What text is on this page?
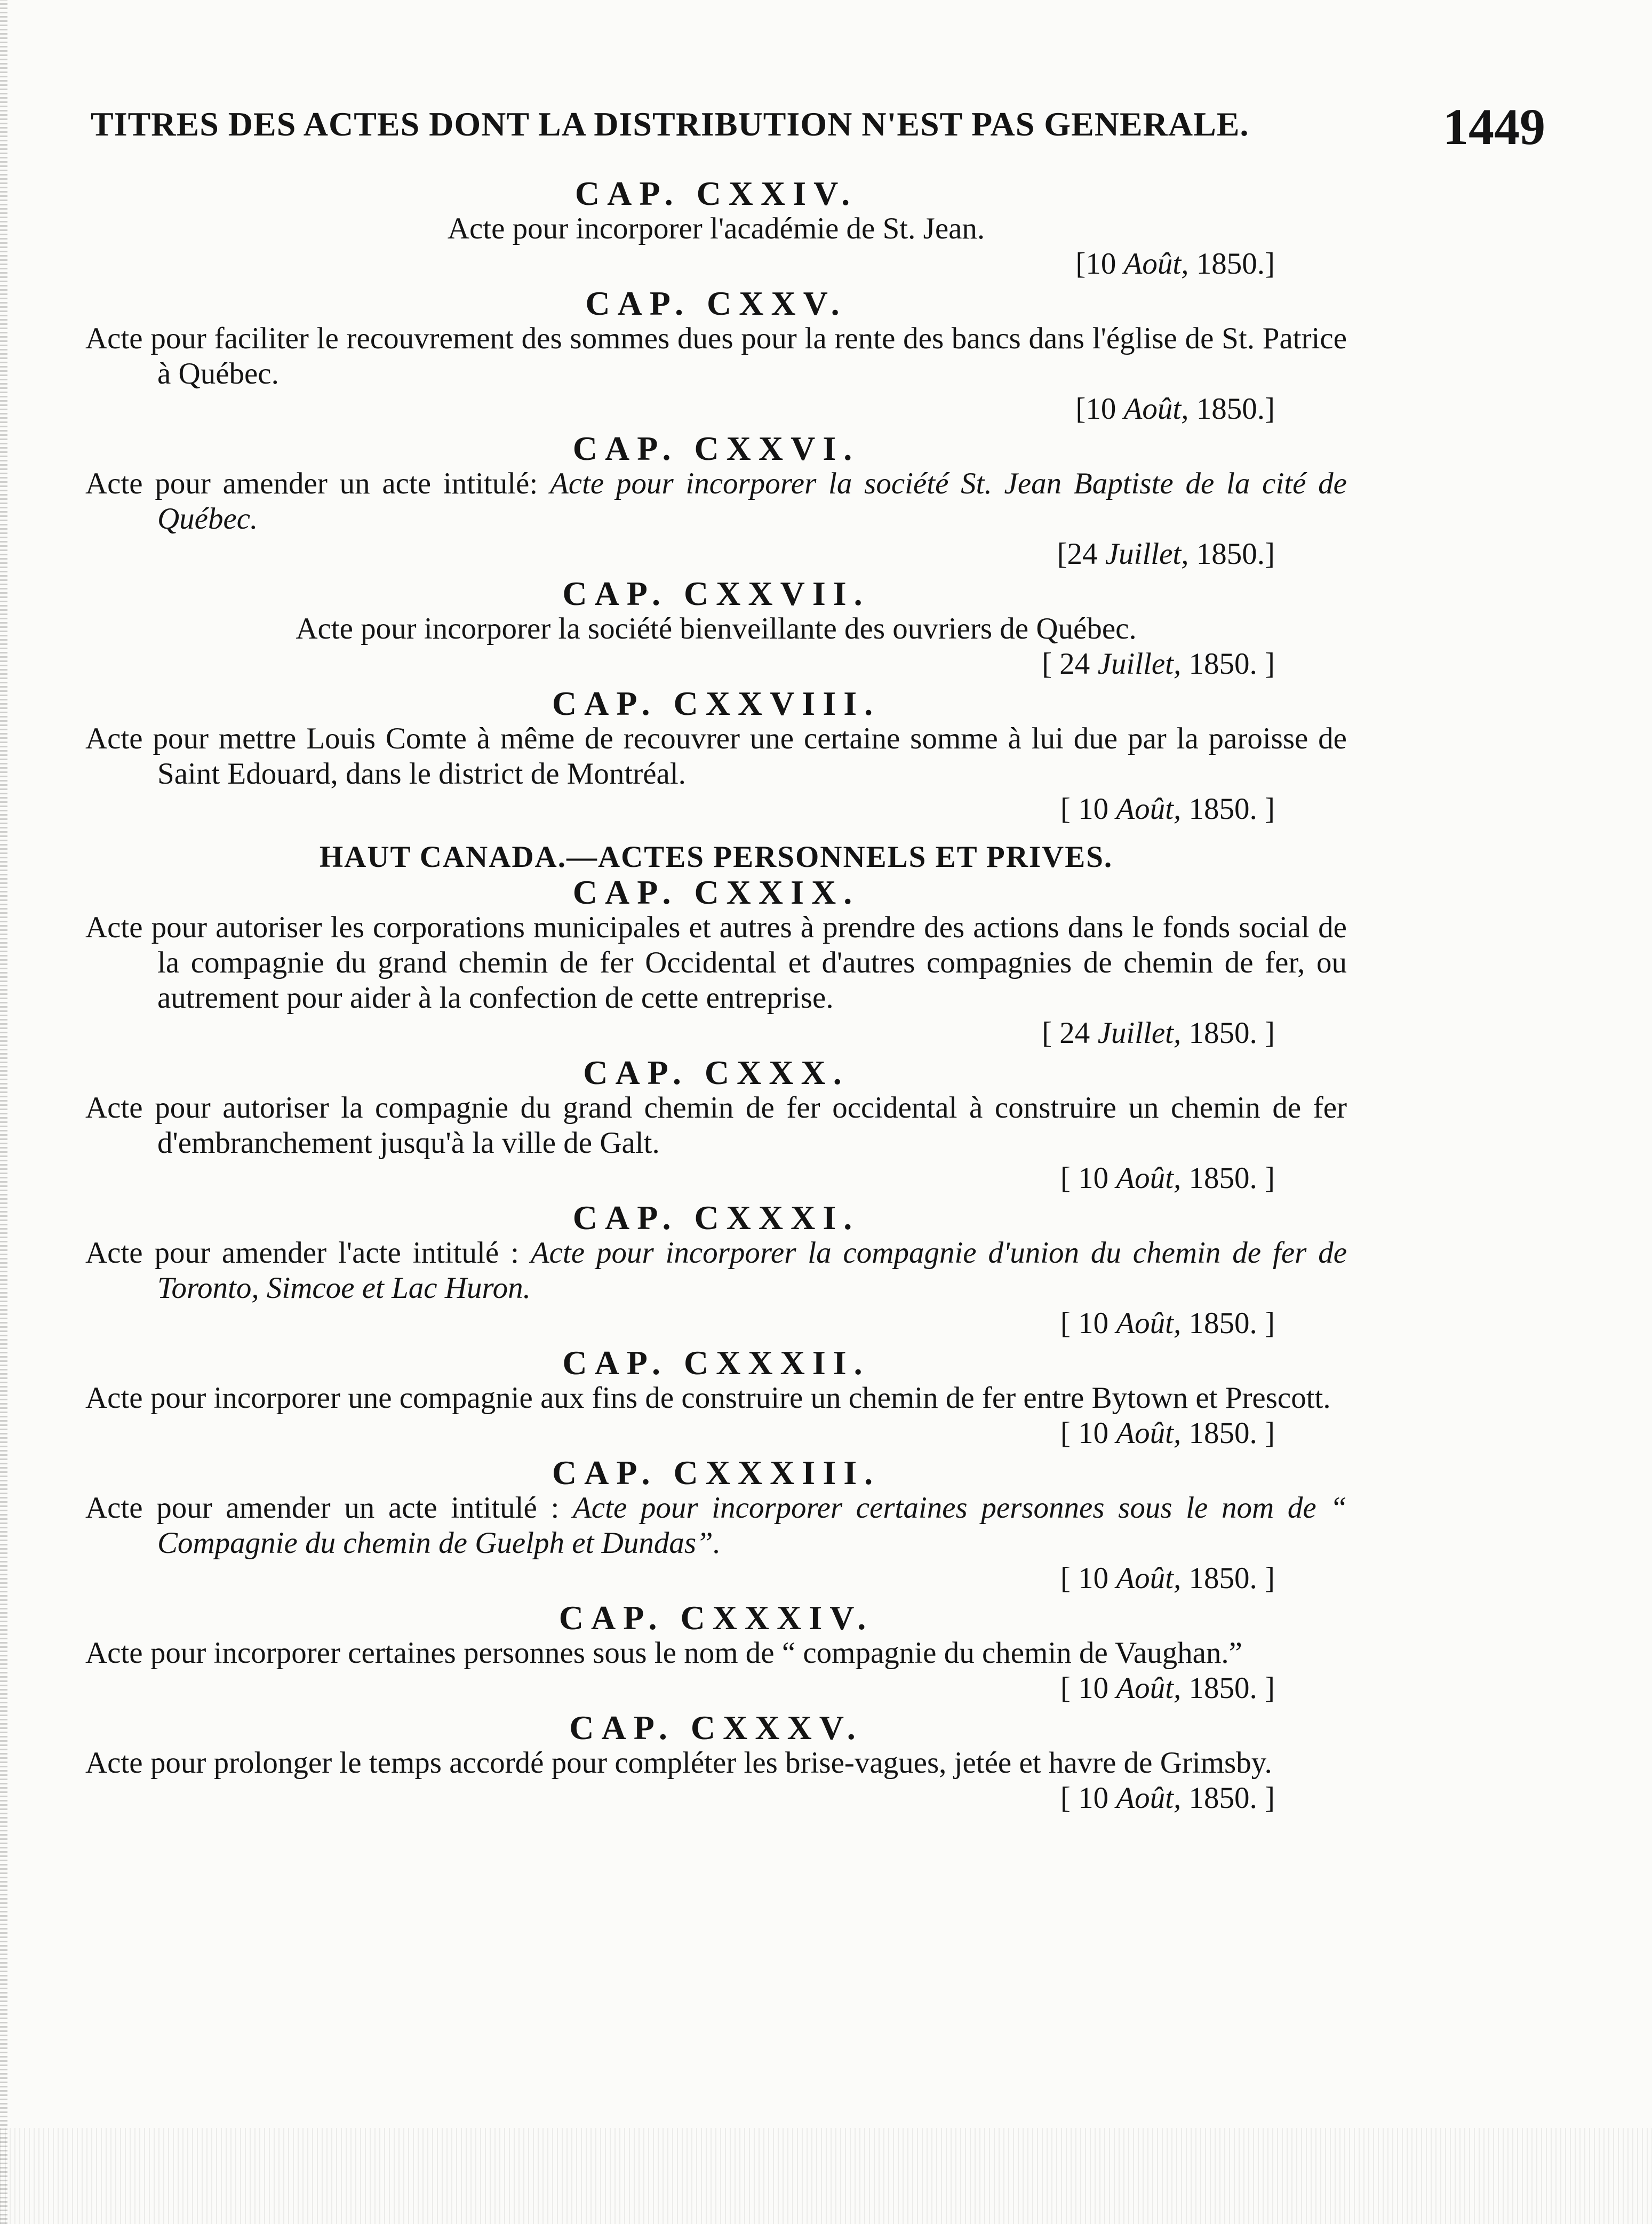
TITRES DES ACTES DONT LA DISTRIBUTION N'EST PAS GENERALE.	1449

CAP. CXXIV.

Acte pour incorporer l'académie de St. Jean.

[10 Août, 1850.]

CAP. CXXV.

Acte pour faciliter le recouvrement des sommes dues pour la rente des bancs dans l'église de St. Patrice à Québec.

[10 Août, 1850.]

CAP. CXXVI.

Acte pour amender un acte intitulé: Acte pour incorporer la société St. Jean Baptiste de la cité de Québec.

[24 Juillet, 1850.]

CAP. CXXVII.

Acte pour incorporer la société bienveillante des ouvriers de Québec.

[ 24 Juillet, 1850. ]

CAP. CXXVIII.

Acte pour mettre Louis Comte à même de recouvrer une certaine somme à lui due par la paroisse de Saint Edouard, dans le district de Montréal.

[ 10 Août, 1850. ]

HAUT CANADA.—ACTES PERSONNELS ET PRIVES.

CAP. CXXIX.

Acte pour autoriser les corporations municipales et autres à prendre des actions dans le fonds social de la compagnie du grand chemin de fer Occidental et d'autres compagnies de chemin de fer, ou autrement pour aider à la confection de cette entreprise.

[ 24 Juillet, 1850. ]

CAP. CXXX.

Acte pour autoriser la compagnie du grand chemin de fer occidental à construire un chemin de fer d'embranchement jusqu'à la ville de Galt.

[ 10 Août, 1850. ]

CAP. CXXXI.

Acte pour amender l'acte intitulé : Acte pour incorporer la compagnie d'union du chemin de fer de Toronto, Simcoe et Lac Huron.

[ 10 Août, 1850. ]

CAP. CXXXII.

Acte pour incorporer une compagnie aux fins de construire un chemin de fer entre Bytown et Prescott.

[ 10 Août, 1850. ]

CAP. CXXXIII.

Acte pour amender un acte intitulé : Acte pour incorporer certaines personnes sous le nom de “ Compagnie du chemin de Guelph et Dundas”.

[ 10 Août, 1850. ]

CAP. CXXXIV.

Acte pour incorporer certaines personnes sous le nom de “ compagnie du chemin de Vaughan.”

[ 10 Août, 1850. ]

CAP. CXXXV.

Acte pour prolonger le temps accordé pour compléter les brise-vagues, jetée et havre de Grimsby.

[ 10 Août, 1850. ]
